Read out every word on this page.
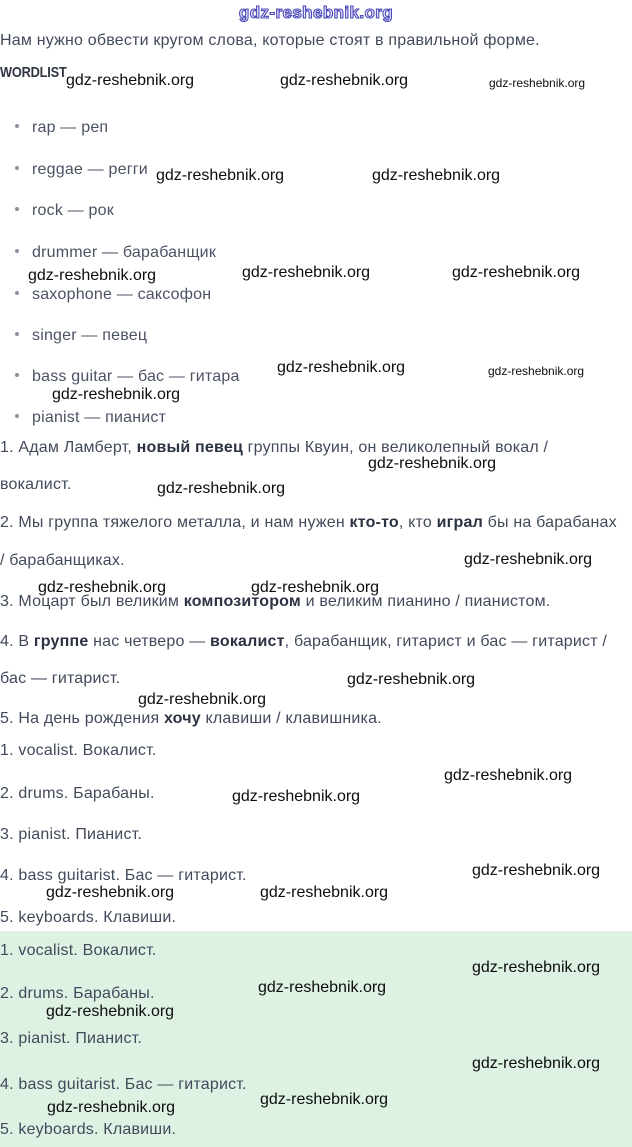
gdz-reshebnik.org
Нам нужно обвести кругом слова, которые стоят в правильной форме.
WORDLIST
rap — реп
reggae — регги
rock — рок
drummer — барабанщик
saxophone — саксофон
singer — певец
bass guitar — бас — гитара
pianist — пианист
1. Адам Ламберт, новый певец группы Квуин, он великолепный вокал /
вокалист.
2. Мы группа тяжелого металла, и нам нужен кто-то, кто играл бы на барабанах
/ барабанщиках.
3. Моцарт был великим композитором и великим пианино / пианистом.
4. В группе нас четверо — вокалист, барабанщик, гитарист и бас — гитарист /
бас — гитарист.
5. На день рождения хочу клавиши / клавишника.
1. vocalist. Вокалист.
2. drums. Барабаны.
3. pianist. Пианист.
4. bass guitarist. Бас — гитарист.
5. keyboards. Клавиши.
1. vocalist. Вокалист.
2. drums. Барабаны.
3. pianist. Пианист.
4. bass guitarist. Бас — гитарист.
5. keyboards. Клавиши.
gdz-reshebnik.org	gdz-reshebnik.org	gdz-reshebnik.org
gdz-reshebnik.org	gdz-reshebnik.org
gdz-reshebnik.org	gdz-reshebnik.org	gdz-reshebnik.org
gdz-reshebnik.org	gdz-reshebnik.org
gdz-reshebnik.org
gdz-reshebnik.org
gdz-reshebnik.org
gdz-reshebnik.org
gdz-reshebnik.org	gdz-reshebnik.org
gdz-reshebnik.org
gdz-reshebnik.org
gdz-reshebnik.org
gdz-reshebnik.org
gdz-reshebnik.org
gdz-reshebnik.org	gdz-reshebnik.org
gdz-reshebnik.org
gdz-reshebnik.org
gdz-reshebnik.org
gdz-reshebnik.org
gdz-reshebnik.org
gdz-reshebnik.org
